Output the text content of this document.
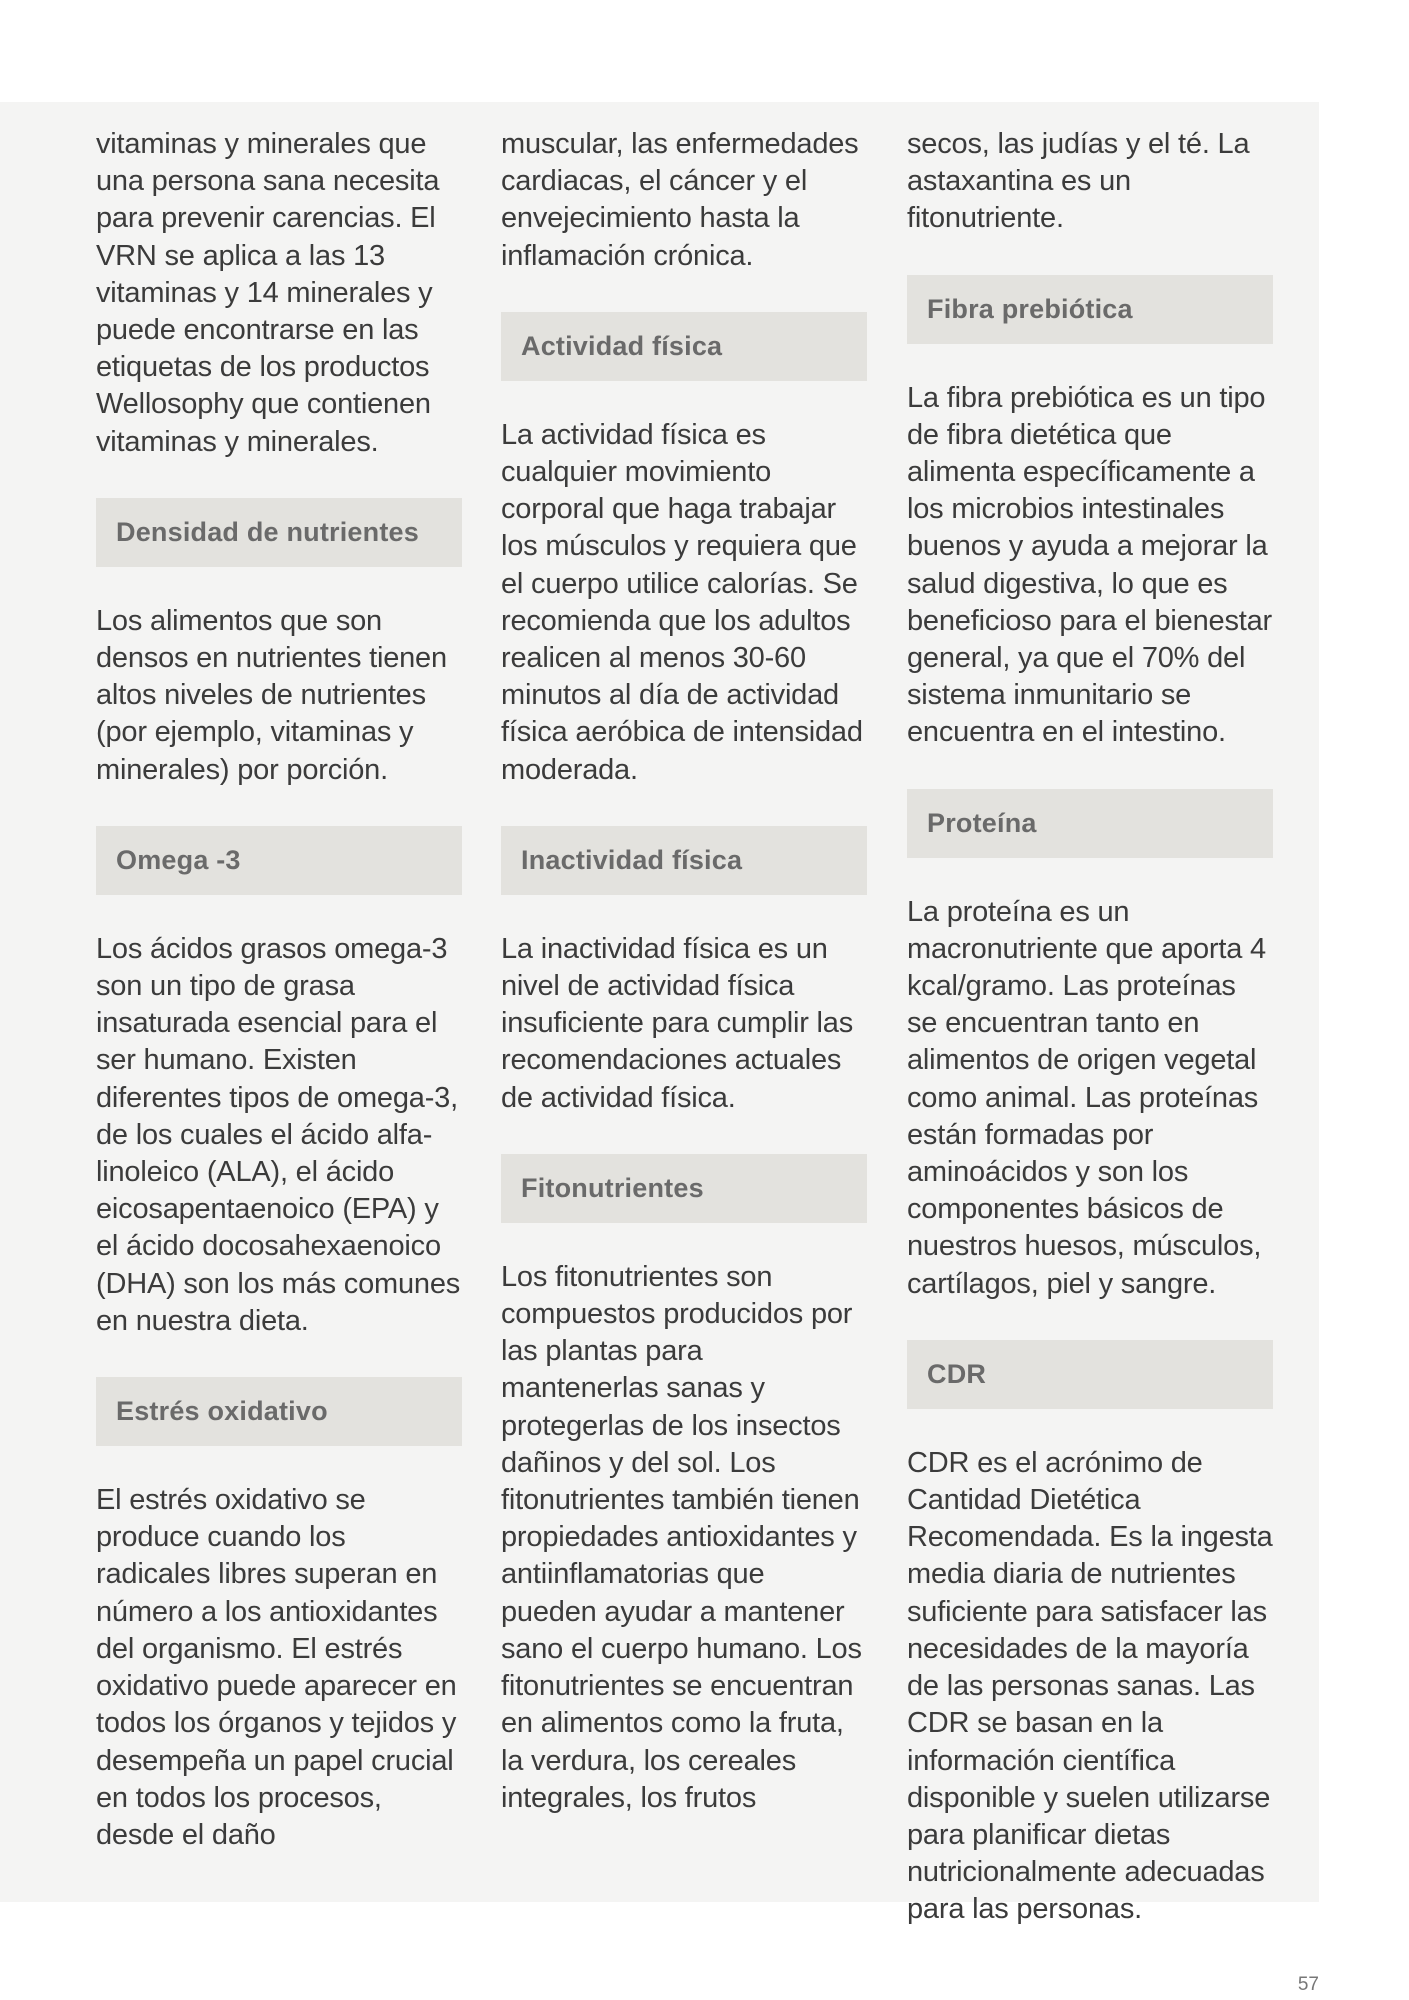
vitaminas y minerales que una persona sana necesita para prevenir carencias. El VRN se aplica a las 13 vitaminas y 14 minerales y puede encontrarse en las etiquetas de los productos Wellosophy que contienen vitaminas y minerales.

Densidad de nutrientes

Los alimentos que son densos en nutrientes tienen altos niveles de nutrientes (por ejemplo, vitaminas y minerales) por porción.

Omega -3

Los ácidos grasos omega-3 son un tipo de grasa insaturada esencial para el ser humano. Existen diferentes tipos de omega-3, de los cuales el ácido alfa-linoleico (ALA), el ácido eicosapentaenoico (EPA) y el ácido docosahexaenoico (DHA) son los más comunes en nuestra dieta.

Estrés oxidativo

El estrés oxidativo se produce cuando los radicales libres superan en número a los antioxidantes del organismo. El estrés oxidativo puede aparecer en todos los órganos y tejidos y desempeña un papel crucial en todos los procesos, desde el daño

muscular, las enfermedades cardiacas, el cáncer y el envejecimiento hasta la inflamación crónica.

Actividad física

La actividad física es cualquier movimiento corporal que haga trabajar los músculos y requiera que el cuerpo utilice calorías. Se recomienda que los adultos realicen al menos 30-60 minutos al día de actividad física aeróbica de intensidad moderada.

Inactividad física

La inactividad física es un nivel de actividad física insuficiente para cumplir las recomendaciones actuales de actividad física.

Fitonutrientes

Los fitonutrientes son compuestos producidos por las plantas para mantenerlas sanas y protegerlas de los insectos dañinos y del sol. Los fitonutrientes también tienen propiedades antioxidantes y antiinflamatorias que pueden ayudar a mantener sano el cuerpo humano. Los fitonutrientes se encuentran en alimentos como la fruta, la verdura, los cereales integrales, los frutos

secos, las judías y el té. La astaxantina es un fitonutriente.

Fibra prebiótica

La fibra prebiótica es un tipo de fibra dietética que alimenta específicamente a los microbios intestinales buenos y ayuda a mejorar la salud digestiva, lo que es beneficioso para el bienestar general, ya que el 70% del sistema inmunitario se encuentra en el intestino.

Proteína

La proteína es un macronutriente que aporta 4 kcal/gramo. Las proteínas se encuentran tanto en alimentos de origen vegetal como animal. Las proteínas están formadas por aminoácidos y son los componentes básicos de nuestros huesos, músculos, cartílagos, piel y sangre.

CDR

CDR es el acrónimo de Cantidad Dietética Recomendada. Es la ingesta media diaria de nutrientes suficiente para satisfacer las necesidades de la mayoría de las personas sanas. Las CDR se basan en la información científica disponible y suelen utilizarse para planificar dietas nutricionalmente adecuadas para las personas.

57
